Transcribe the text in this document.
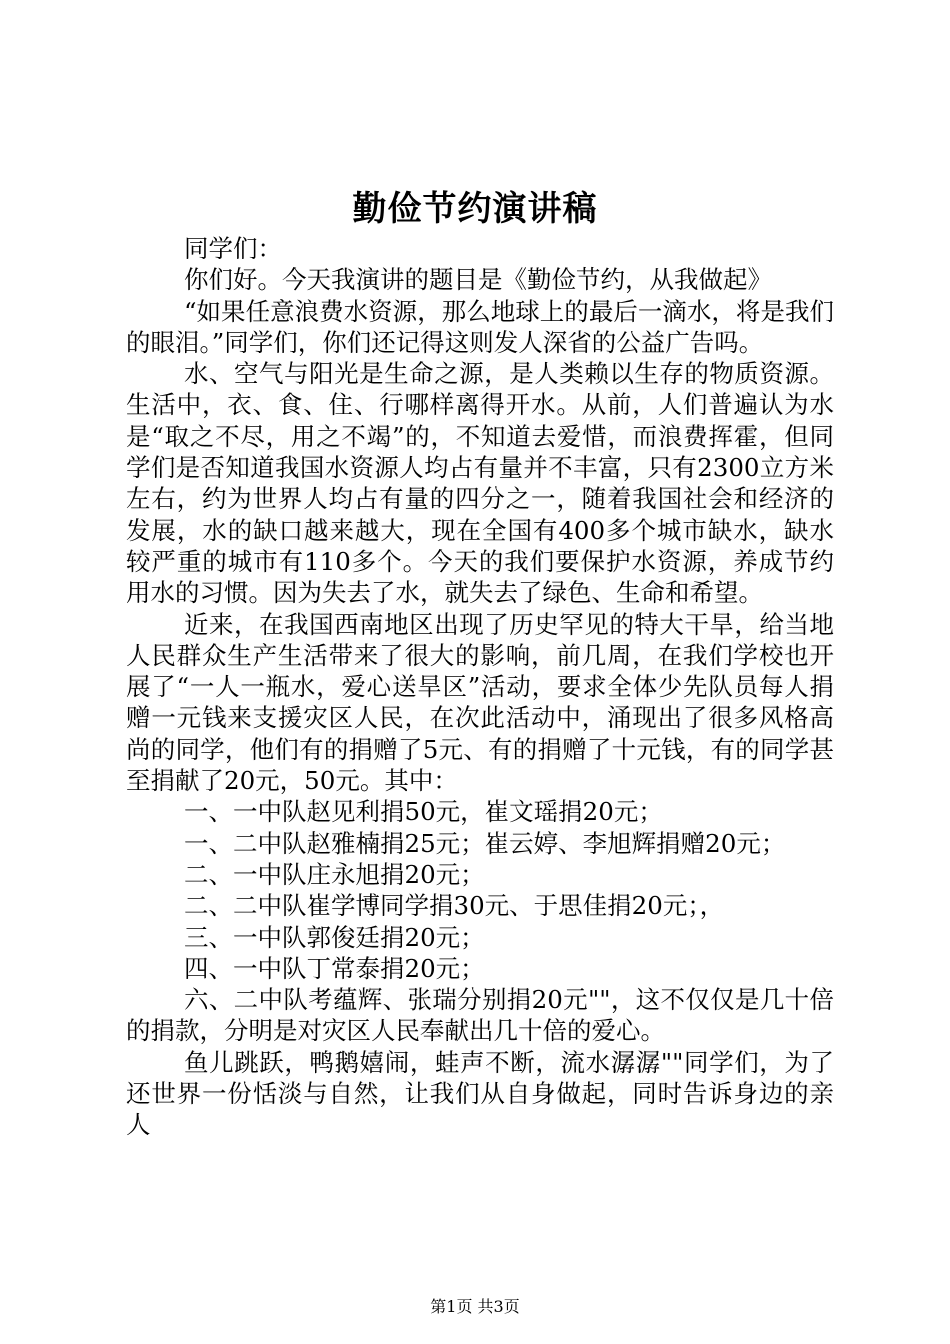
勤俭节约演讲稿

同学们：

你们好。今天我演讲的题目是《勤俭节约，从我做起》

“如果任意浪费水资源，那么地球上的最后一滴水，将是我们的眼泪。”同学们，你们还记得这则发人深省的公益广告吗。

水、空气与阳光是生命之源，是人类赖以生存的物质资源。生活中，衣、食、住、行哪样离得开水。从前，人们普遍认为水是“取之不尽，用之不竭”的，不知道去爱惜，而浪费挥霍，但同学们是否知道我国水资源人均占有量并不丰富，只有2300立方米左右，约为世界人均占有量的四分之一，随着我国社会和经济的发展，水的缺口越来越大，现在全国有400多个城市缺水，缺水较严重的城市有110多个。今天的我们要保护水资源，养成节约用水的习惯。因为失去了水，就失去了绿色、生命和希望。

近来，在我国西南地区出现了历史罕见的特大干旱，给当地人民群众生产生活带来了很大的影响，前几周，在我们学校也开展了“一人一瓶水，爱心送旱区”活动，要求全体少先队员每人捐赠一元钱来支援灾区人民，在次此活动中，涌现出了很多风格高尚的同学，他们有的捐赠了5元、有的捐赠了十元钱，有的同学甚至捐献了20元，50元。其中：

一、一中队赵见利捐50元，崔文瑶捐20元；

一、二中队赵雅楠捐25元；崔云婷、李旭辉捐赠20元；

二、一中队庄永旭捐20元；

二、二中队崔学博同学捐30元、于思佳捐20元；，

三、一中队郭俊廷捐20元；

四、一中队丁常泰捐20元；

六、二中队考蕴辉、张瑞分别捐20元""，这不仅仅是几十倍的捐款，分明是对灾区人民奉献出几十倍的爱心。

鱼儿跳跃，鸭鹅嬉闹，蛙声不断，流水潺潺""同学们，为了还世界一份恬淡与自然，让我们从自身做起，同时告诉身边的亲人

第1页 共3页
